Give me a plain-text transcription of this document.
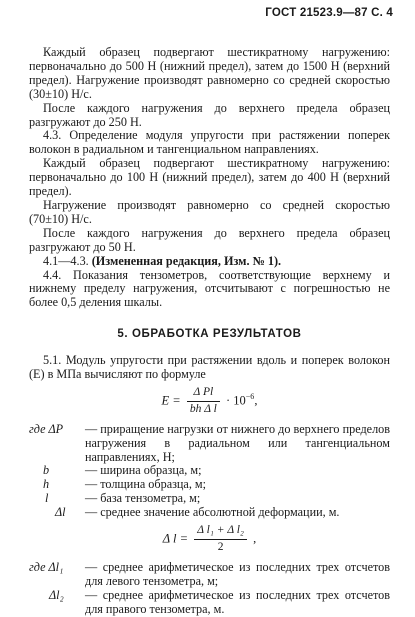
ГОСТ 21523.9—87 С. 4

Каждый образец подвергают шестикратному нагружению: первоначально до 500 Н (нижний предел), затем до 1500 Н (верхний предел). Нагружение производят равномерно со средней скоростью (30±10) Н/с.

После каждого нагружения до верхнего предела образец разгружают до 250 Н.

4.3. Определение модуля упругости при растяжении поперек волокон в радиальном и тангенциальном направлениях.

Каждый образец подвергают шестикратному нагружению: первоначально до 100 Н (нижний предел), затем до 400 Н (верхний предел).

Нагружение производят равномерно со средней скоростью (70±10) Н/с.

После каждого нагружения до верхнего предела образец разгружают до 50 Н.

4.1—4.3. (Измененная редакция, Изм. № 1).

4.4. Показания тензометров, соответствующие верхнему и нижнему пределу нагружения, отсчитывают с погрешностью не более 0,5 деления шкалы.

5. ОБРАБОТКА РЕЗУЛЬТАТОВ

5.1. Модуль упругости при растяжении вдоль и поперек волокон (E) в МПа вычисляют по формуле

$E = \frac{\text{Δ Pl}}{\text{bh Δ l}} \cdot 10^{-6}$,
где ΔP	— приращение нагрузки от нижнего до верхнего пределов нагружения в радиальном или тангенциальном направлениях, Н;
b	— ширина образца, м;
h	— толщина образца, м;
l	— база тензометра, м;
Δl	— среднее значение абсолютной деформации, м.
Δ $l = \frac{\text{Δ l₁ + Δ l₂}}{2}$ ,
где Δl₁	— среднее арифметическое из последних трех отсчетов для левого тензометра, м;
Δl₂	— среднее арифметическое из последних трех отсчетов для правого тензометра, м.
